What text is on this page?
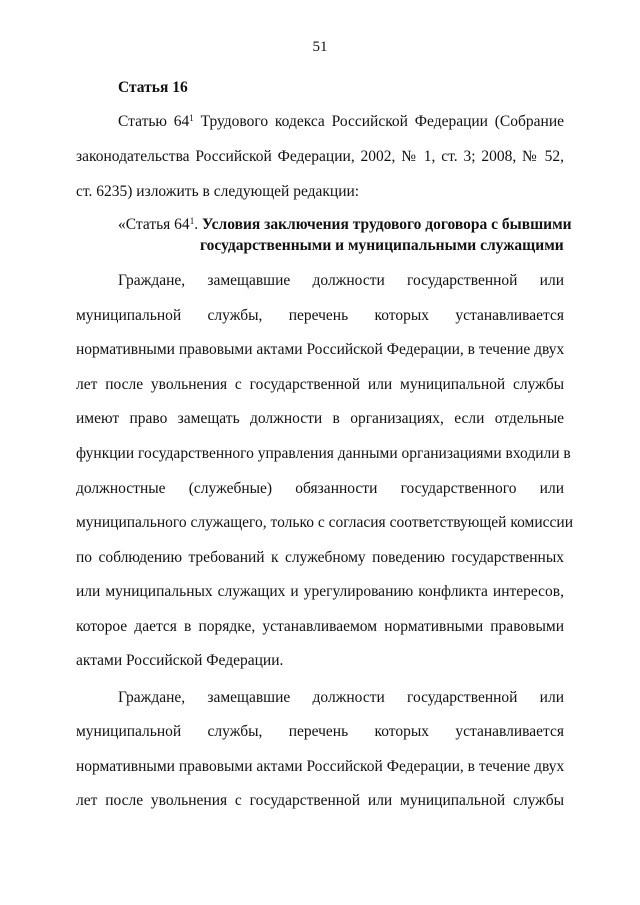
51
Статья 16
Статью $64^1$ Трудового кодекса Российской Федерации (Собрание
законодательства Российской Федерации, 2002, № 1, ст. 3; 2008, № 52,
ст. 6235) изложить в следующей редакции:
«Статья $64^1$. Условия заключения трудового договора с бывшими
государственными и муниципальными служащими
Граждане, замещавшие должности государственной или
муниципальной службы, перечень которых устанавливается
нормативными правовыми актами Российской Федерации, в течение двух
лет после увольнения с государственной или муниципальной службы
имеют право замещать должности в организациях, если отдельные
функции государственного управления данными организациями входили в
должностные (служебные) обязанности государственного или
муниципального служащего, только с согласия соответствующей комиссии
по соблюдению требований к служебному поведению государственных
или муниципальных служащих и урегулированию конфликта интересов,
которое дается в порядке, устанавливаемом нормативными правовыми
актами Российской Федерации.
Граждане, замещавшие должности государственной или
муниципальной службы, перечень которых устанавливается
нормативными правовыми актами Российской Федерации, в течение двух
лет после увольнения с государственной или муниципальной службы
